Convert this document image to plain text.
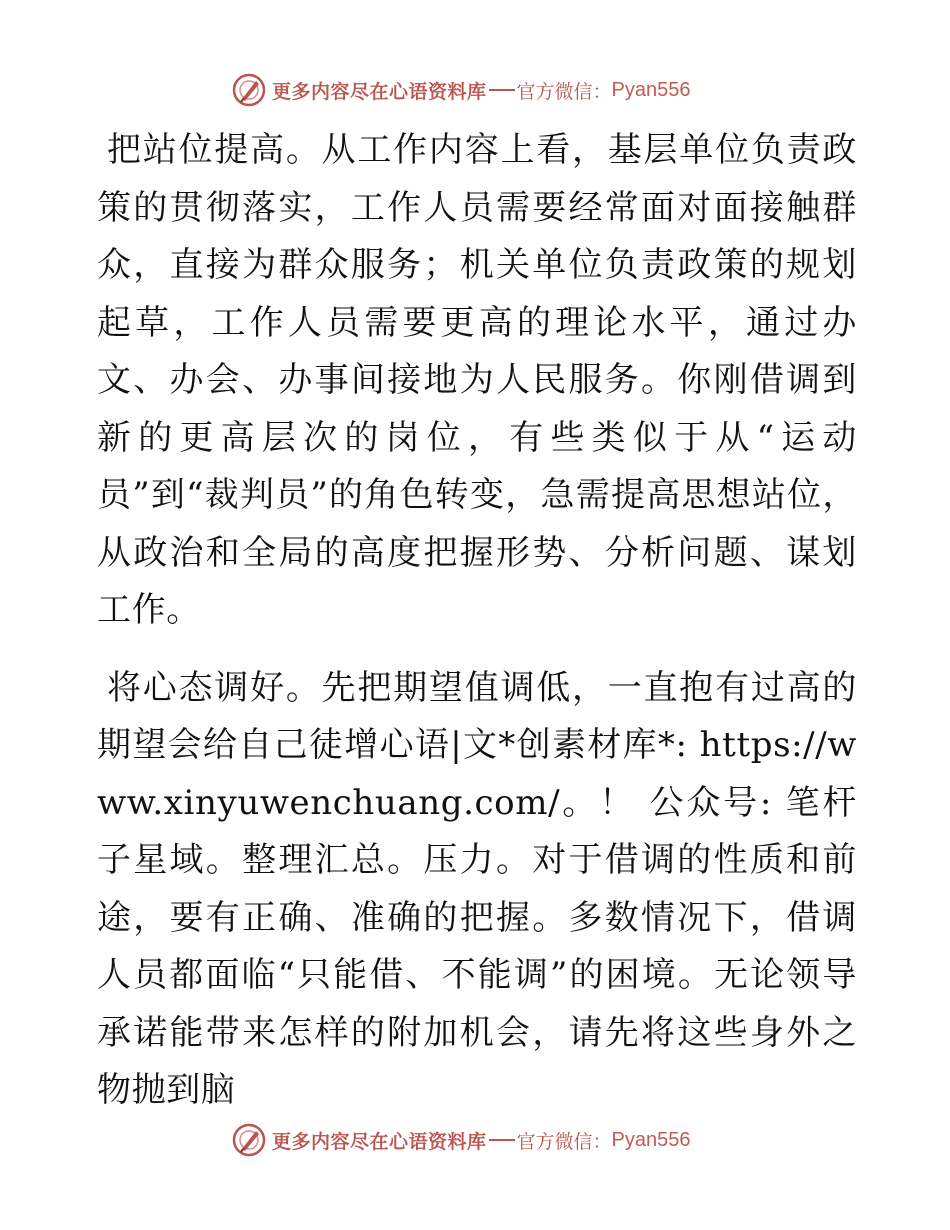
更多内容尽在心语资料库 官方微信： Pyan556

把站位提高。从工作内容上看，基层单位负责政策的贯彻落实，工作人员需要经常面对面接触群众，直接为群众服务；机关单位负责政策的规划起草，工作人员需要更高的理论水平，通过办文、办会、办事间接地为人民服务。你刚借调到新的更高层次的岗位，有些类似于从“运动员”到“裁判员”的角色转变，急需提高思想站位，从政治和全局的高度把握形势、分析问题、谋划工作。

将心态调好。先把期望值调低，一直抱有过高的期望会给自己徒增心语|文*创素材库*: https://www.xinyuwenchuang.com/。！ 公众号: 笔杆子星域。整理汇总。压力。对于借调的性质和前途，要有正确、准确的把握。多数情况下，借调人员都面临“只能借、不能调”的困境。无论领导承诺能带来怎样的附加机会，请先将这些身外之物抛到脑

更多内容尽在心语资料库 官方微信： Pyan556
